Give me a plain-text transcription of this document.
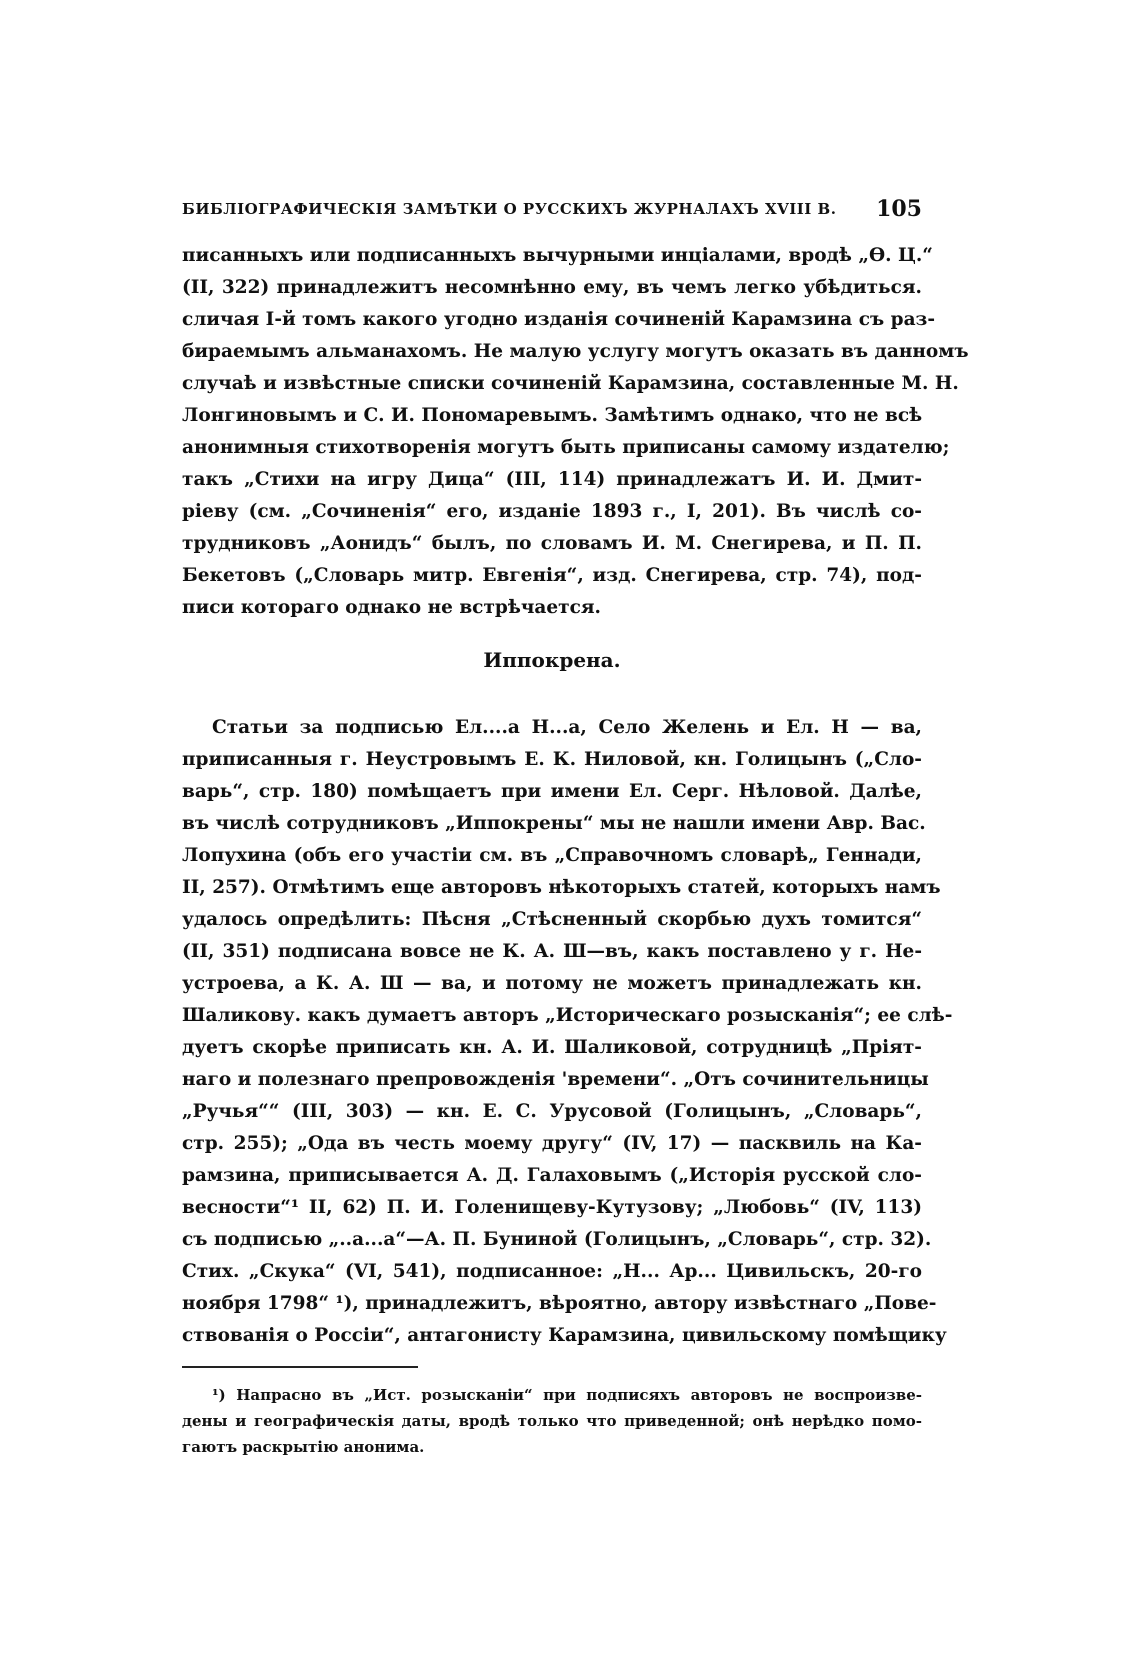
БИБЛІОГРАФИЧЕСКІЯ ЗАМѢТКИ О РУССКИХЪ ЖУРНАЛАХЪ XVIII В. 105
писанныхъ или подписанныхъ вычурными инціалами, вродѣ „Ө. Ц.“
(II, 322) принадлежитъ несомнѣнно ему, въ чемъ легко убѣдиться.
сличая I-й томъ какого угодно изданія сочиненій Карамзина съ раз-
бираемымъ альманахомъ. Не малую услугу могутъ оказать въ данномъ
случаѣ и извѣстные списки сочиненій Карамзина, составленные М. Н.
Лонгиновымъ и С. И. Пономаревымъ. Замѣтимъ однако, что не всѣ
анонимныя стихотворенія могутъ быть приписаны самому издателю;
такъ „Стихи на игру Дица“ (III, 114) принадлежатъ И. И. Дмит-
ріеву (см. „Сочиненія“ его, изданіе 1893 г., I, 201). Въ числѣ со-
трудниковъ „Аонидъ“ былъ, по словамъ И. М. Снегирева, и П. П.
Бекетовъ („Словарь митр. Евгенія“, изд. Снегирева, стр. 74), под-
писи котораго однако не встрѣчается.
Иппокрена.
Статьи за подписью Ел....а Н...а, Село Желень и Ел. Н — ва,
приписанныя г. Неустровымъ Е. К. Ниловой, кн. Голицынъ („Сло-
варь“, стр. 180) помѣщаетъ при имени Ел. Серг. Нѣловой. Далѣе,
въ числѣ сотрудниковъ „Иппокрены“ мы не нашли имени Авр. Вас.
Лопухина (объ его участіи см. въ „Справочномъ словарѣ„ Геннади,
II, 257). Отмѣтимъ еще авторовъ нѣкоторыхъ статей, которыхъ намъ
удалось опредѣлить: Пѣсня „Стѣсненный скорбью духъ томится“
(II, 351) подписана вовсе не К. А. Ш—въ, какъ поставлено у г. Не-
устроева, а К. А. Ш — ва, и потому не можетъ принадлежать кн.
Шаликову. какъ думаетъ авторъ „Историческаго розысканія“; ее слѣ-
дуетъ скорѣе приписать кн. А. И. Шаликовой, сотрудницѣ „Пріят-
наго и полезнаго препровожденія 'времени“. „Отъ сочинительницы
„Ручья““ (III, 303) — кн. Е. С. Урусовой (Голицынъ, „Словарь“,
стр. 255); „Ода въ честь моему другу“ (IV, 17) — пасквиль на Ка-
рамзина, приписывается А. Д. Галаховымъ („Исторія русской сло-
весности“¹ II, 62) П. И. Голенищеву-Кутузову; „Любовь“ (IV, 113)
съ подписью „..а...а“—А. П. Буниной (Голицынъ, „Словарь“, стр. 32).
Стих. „Скука“ (VI, 541), подписанное: „Н... Ар... Цивильскъ, 20-го
ноября 1798“ ¹), принадлежитъ, вѣроятно, автору извѣстнаго „Пове-
ствованія о Россіи“, антагонисту Карамзина, цивильскому помѣщику
¹) Напрасно въ „Ист. розысканіи“ при подписяхъ авторовъ не воспроизве-
дены и географическія даты, вродѣ только что приведенной; онѣ нерѣдко помо-
гаютъ раскрытію анонима.
